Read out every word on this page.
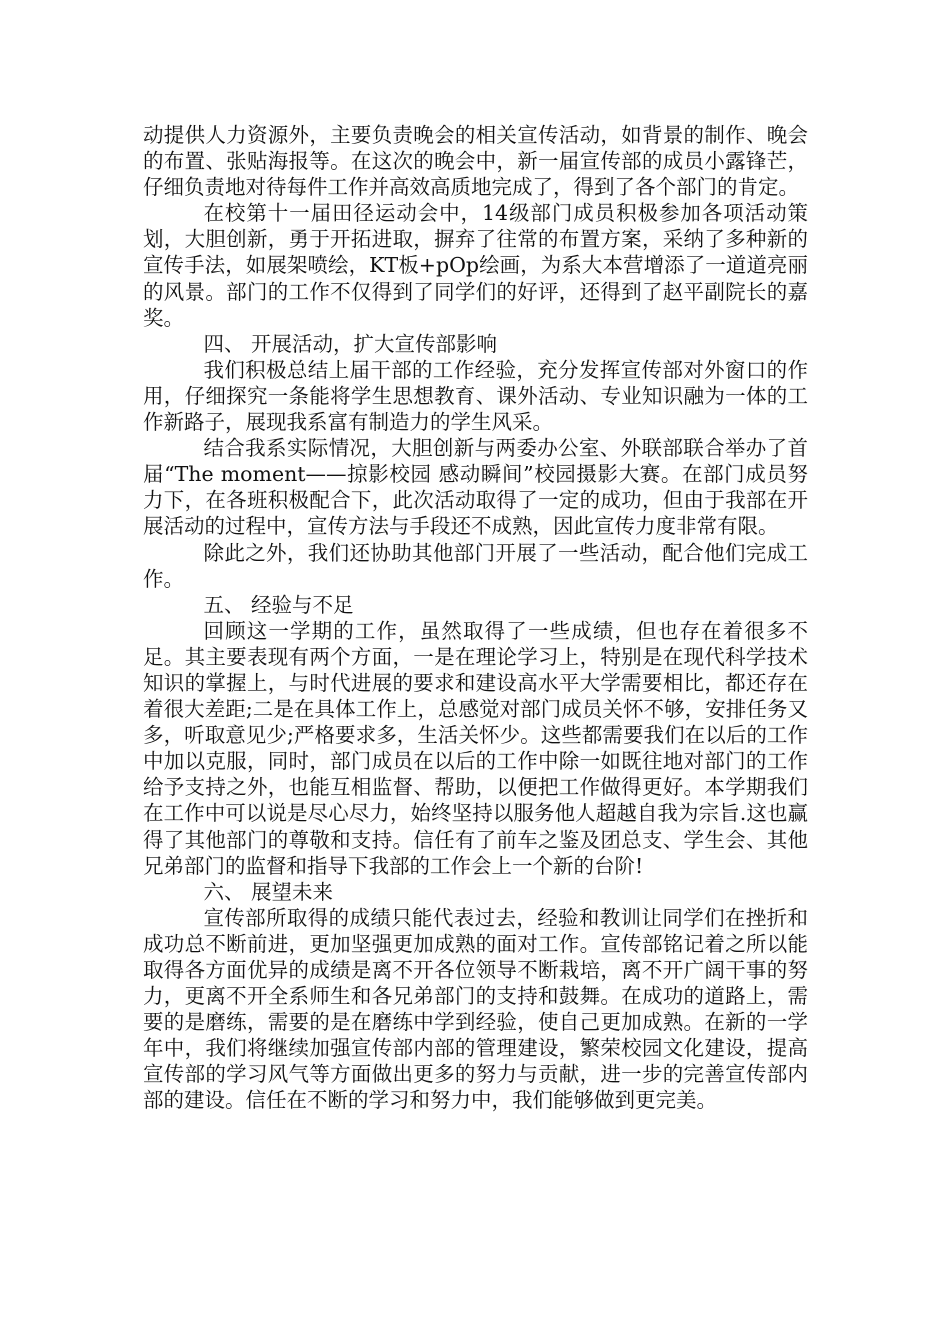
动提供人力资源外，主要负责晚会的相关宣传活动，如背景的制作、晚会的布置、张贴海报等。在这次的晚会中，新一届宣传部的成员小露锋芒，仔细负责地对待每件工作并高效高质地完成了，得到了各个部门的肯定。

在校第十一届田径运动会中，14级部门成员积极参加各项活动策划，大胆创新，勇于开拓进取，摒弃了往常的布置方案，采纳了多种新的宣传手法，如展架喷绘，KT板+pOp绘画，为系大本营增添了一道道亮丽的风景。部门的工作不仅得到了同学们的好评，还得到了赵平副院长的嘉奖。

四、 开展活动，扩大宣传部影响

我们积极总结上届干部的工作经验，充分发挥宣传部对外窗口的作用，仔细探究一条能将学生思想教育、课外活动、专业知识融为一体的工作新路子，展现我系富有制造力的学生风采。

结合我系实际情况，大胆创新与两委办公室、外联部联合举办了首届“The moment——掠影校园 感动瞬间”校园摄影大赛。在部门成员努力下，在各班积极配合下，此次活动取得了一定的成功，但由于我部在开展活动的过程中，宣传方法与手段还不成熟，因此宣传力度非常有限。

除此之外，我们还协助其他部门开展了一些活动，配合他们完成工作。

五、 经验与不足

回顾这一学期的工作，虽然取得了一些成绩，但也存在着很多不足。其主要表现有两个方面，一是在理论学习上，特别是在现代科学技术知识的掌握上，与时代进展的要求和建设高水平大学需要相比，都还存在着很大差距;二是在具体工作上，总感觉对部门成员关怀不够，安排任务又多，听取意见少;严格要求多，生活关怀少。这些都需要我们在以后的工作中加以克服，同时，部门成员在以后的工作中除一如既往地对部门的工作给予支持之外，也能互相监督、帮助，以便把工作做得更好。本学期我们在工作中可以说是尽心尽力，始终坚持以服务他人超越自我为宗旨.这也赢得了其他部门的尊敬和支持。信任有了前车之鉴及团总支、学生会、其他兄弟部门的监督和指导下我部的工作会上一个新的台阶!

六、 展望未来

宣传部所取得的成绩只能代表过去，经验和教训让同学们在挫折和成功总不断前进，更加坚强更加成熟的面对工作。宣传部铭记着之所以能取得各方面优异的成绩是离不开各位领导不断栽培，离不开广阔干事的努力，更离不开全系师生和各兄弟部门的支持和鼓舞。在成功的道路上，需要的是磨练，需要的是在磨练中学到经验，使自己更加成熟。在新的一学年中，我们将继续加强宣传部内部的管理建设，繁荣校园文化建设，提高宣传部的学习风气等方面做出更多的努力与贡献，进一步的完善宣传部内部的建设。信任在不断的学习和努力中，我们能够做到更完美。
